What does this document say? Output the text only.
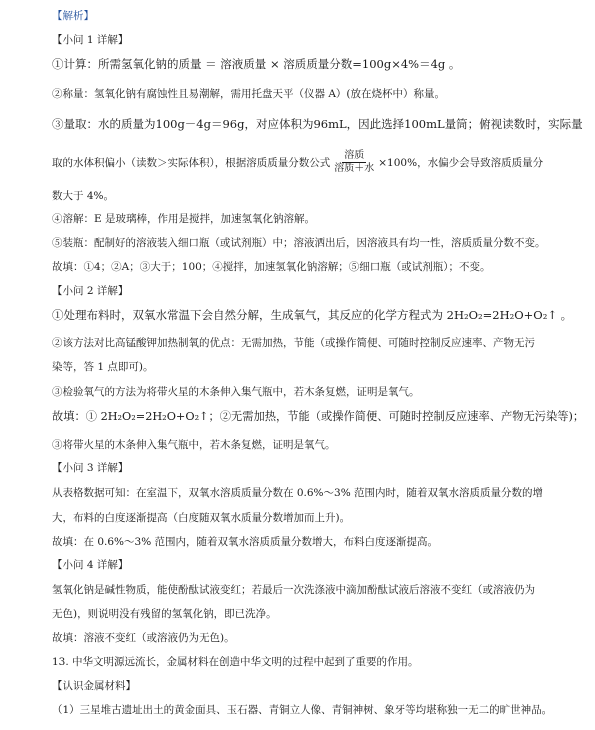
【解析】
【小问 1 详解】
①计算：所需氢氧化钠的质量 ＝ 溶液质量 × 溶质质量分数=100g×4%＝4g 。
②称量：氢氧化钠有腐蚀性且易潮解，需用托盘天平（仪器 A）(放在烧杯中）称量。
③量取：水的质量为100g－4g＝96g，对应体积为96mL，因此选择100mL量筒；俯视读数时，实际量
取的水体积偏小（读数＞实际体积），根据溶质质量分数公式 $\frac{\text{溶质}}{\text{溶质＋水}} \times 100\%$，水偏少会导致溶质质量分
数大于 4%。
④溶解：E 是玻璃棒，作用是搅拌，加速氢氧化钠溶解。
⑤装瓶：配制好的溶液装入细口瓶（或试剂瓶）中；溶液洒出后，因溶液具有均一性，溶质质量分数不变。
故填：①4；②A；③大于；100；④搅拌，加速氢氧化钠溶解；⑤细口瓶（或试剂瓶）；不变。
【小问 2 详解】
①处理布料时，双氧水常温下会自然分解，生成氧气，其反应的化学方程式为 2H₂O₂=2H₂O+O₂↑ 。
②该方法对比高锰酸钾加热制氧的优点：无需加热，节能（或操作简便、可随时控制反应速率、产物无污
染等，答 1 点即可)。
③检验氧气的方法为将带火星的木条伸入集气瓶中，若木条复燃，证明是氧气。
故填：① 2H₂O₂=2H₂O+O₂↑；②无需加热，节能（或操作简便、可随时控制反应速率、产物无污染等)；
③将带火星的木条伸入集气瓶中，若木条复燃，证明是氧气。
【小问 3 详解】
从表格数据可知：在室温下，双氧水溶质质量分数在 0.6%～3% 范围内时，随着双氧水溶质质量分数的增
大，布料的白度逐渐提高（白度随双氧水质量分数增加而上升)。
故填：在 0.6%～3% 范围内，随着双氧水溶质质量分数增大，布料白度逐渐提高。
【小问 4 详解】
氢氧化钠是碱性物质，能使酚酞试液变红；若最后一次洗涤液中滴加酚酞试液后溶液不变红（或溶液仍为
无色)，则说明没有残留的氢氧化钠，即已洗净。
故填：溶液不变红（或溶液仍为无色)。
13. 中华文明源远流长，金属材料在创造中华文明的过程中起到了重要的作用。
【认识金属材料】
（1）三星堆古遗址出土的黄金面具、玉石器、青铜立人像、青铜神树、象牙等均堪称独一无二的旷世神品。
